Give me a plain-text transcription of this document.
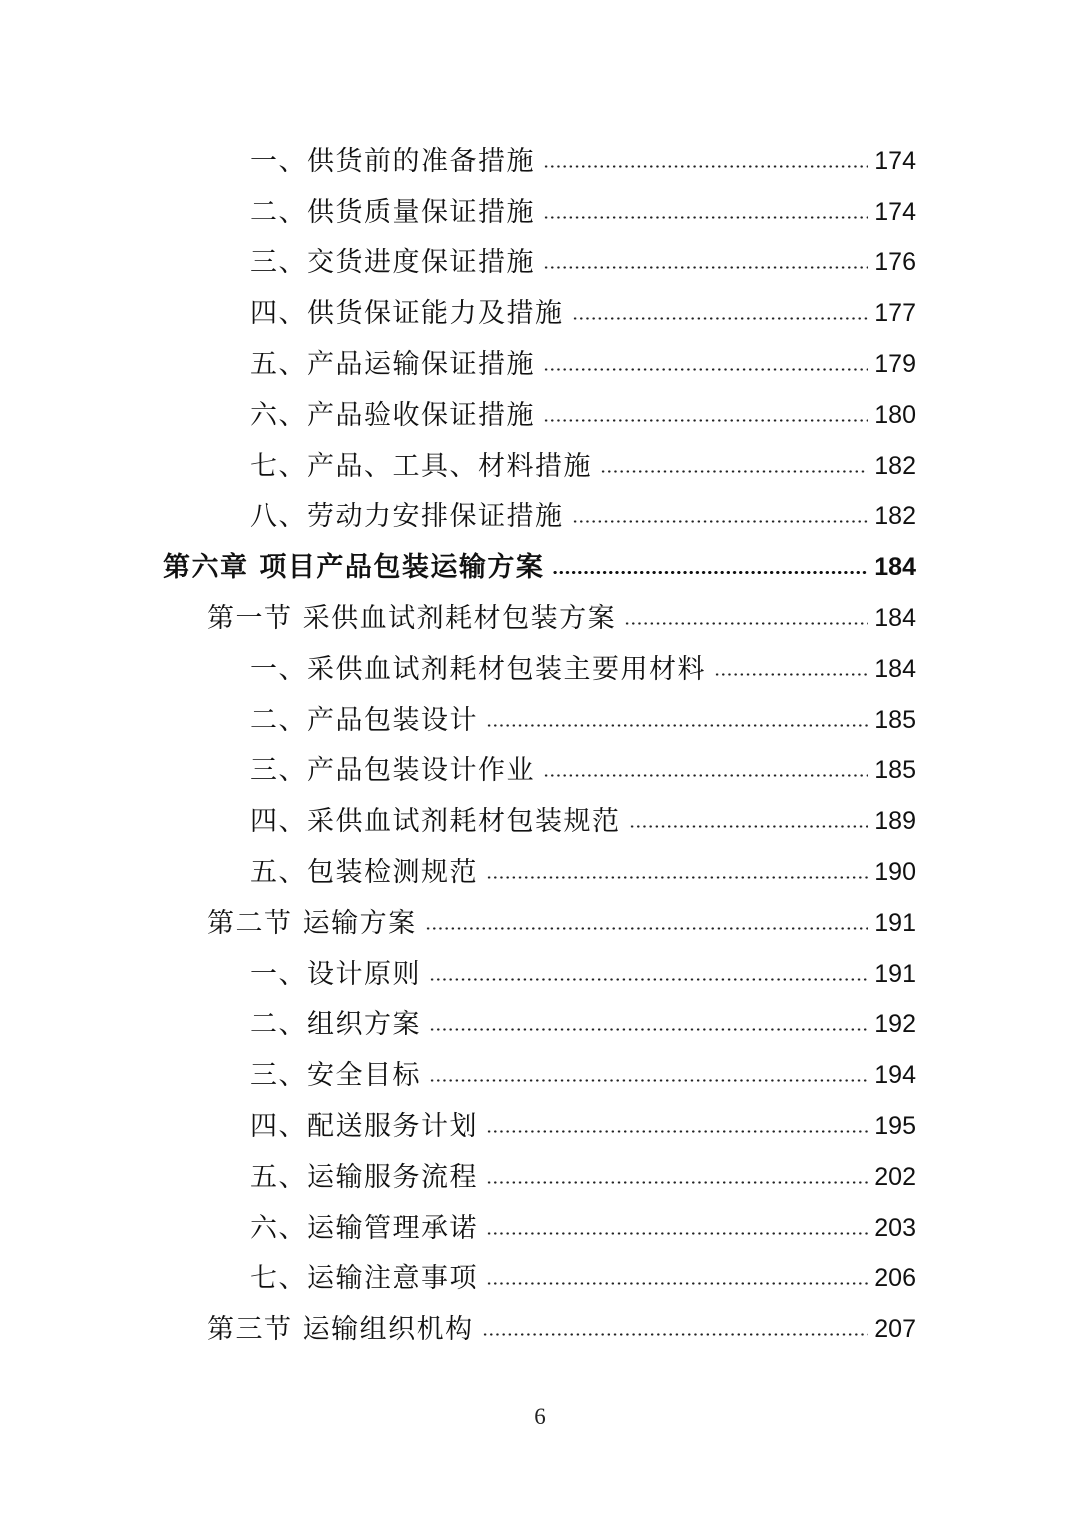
一、供货前的准备措施	174
二、供货质量保证措施	174
三、交货进度保证措施	176
四、供货保证能力及措施	177
五、产品运输保证措施	179
六、产品验收保证措施	180
七、产品、工具、材料措施	182
八、劳动力安排保证措施	182
第六章 项目产品包装运输方案	184
第一节 采供血试剂耗材包装方案	184
一、采供血试剂耗材包装主要用材料	184
二、产品包装设计	185
三、产品包装设计作业	185
四、采供血试剂耗材包装规范	189
五、包装检测规范	190
第二节 运输方案	191
一、设计原则	191
二、组织方案	192
三、安全目标	194
四、配送服务计划	195
五、运输服务流程	202
六、运输管理承诺	203
七、运输注意事项	206
第三节 运输组织机构	207
6
